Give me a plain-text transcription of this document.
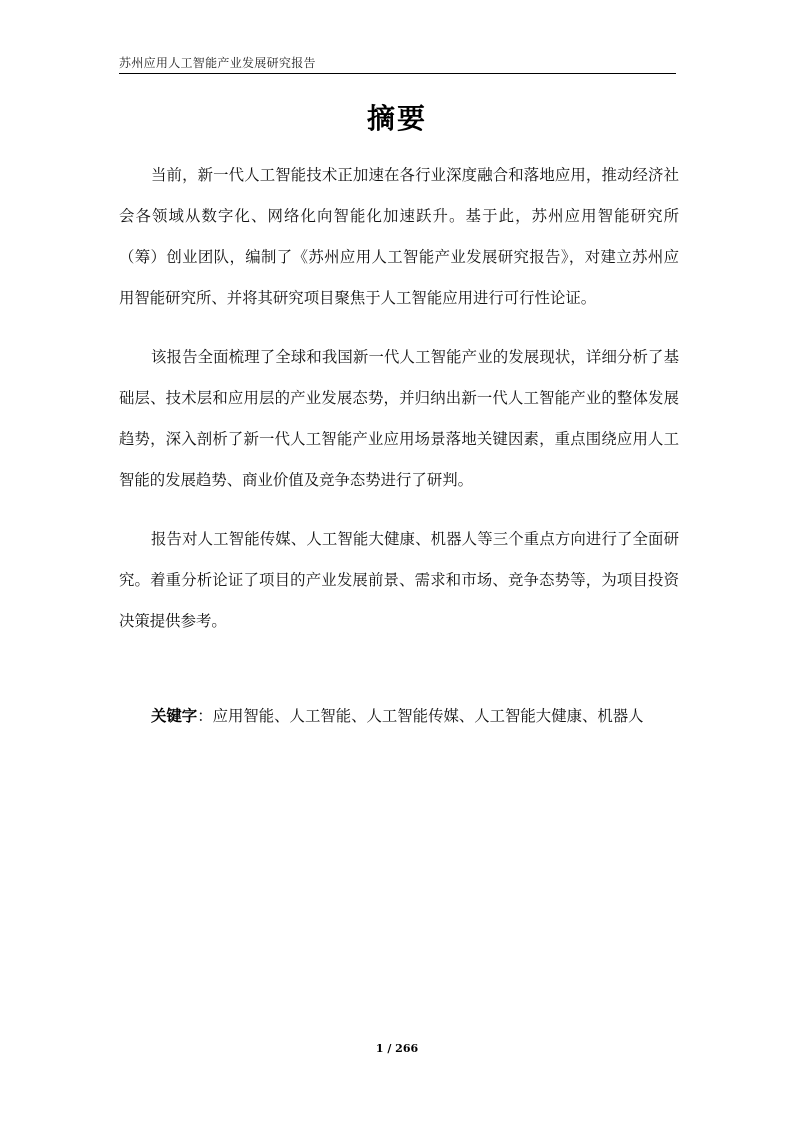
苏州应用人工智能产业发展研究报告
摘要
当前，新一代人工智能技术正加速在各行业深度融合和落地应用，推动经济社会各领域从数字化、网络化向智能化加速跃升。基于此，苏州应用智能研究所（筹）创业团队，编制了《苏州应用人工智能产业发展研究报告》，对建立苏州应用智能研究所、并将其研究项目聚焦于人工智能应用进行可行性论证。
该报告全面梳理了全球和我国新一代人工智能产业的发展现状，详细分析了基础层、技术层和应用层的产业发展态势，并归纳出新一代人工智能产业的整体发展趋势，深入剖析了新一代人工智能产业应用场景落地关键因素，重点围绕应用人工智能的发展趋势、商业价值及竞争态势进行了研判。
报告对人工智能传媒、人工智能大健康、机器人等三个重点方向进行了全面研究。着重分析论证了项目的产业发展前景、需求和市场、竞争态势等，为项目投资决策提供参考。
关键字：应用智能、人工智能、人工智能传媒、人工智能大健康、机器人
1 / 266
